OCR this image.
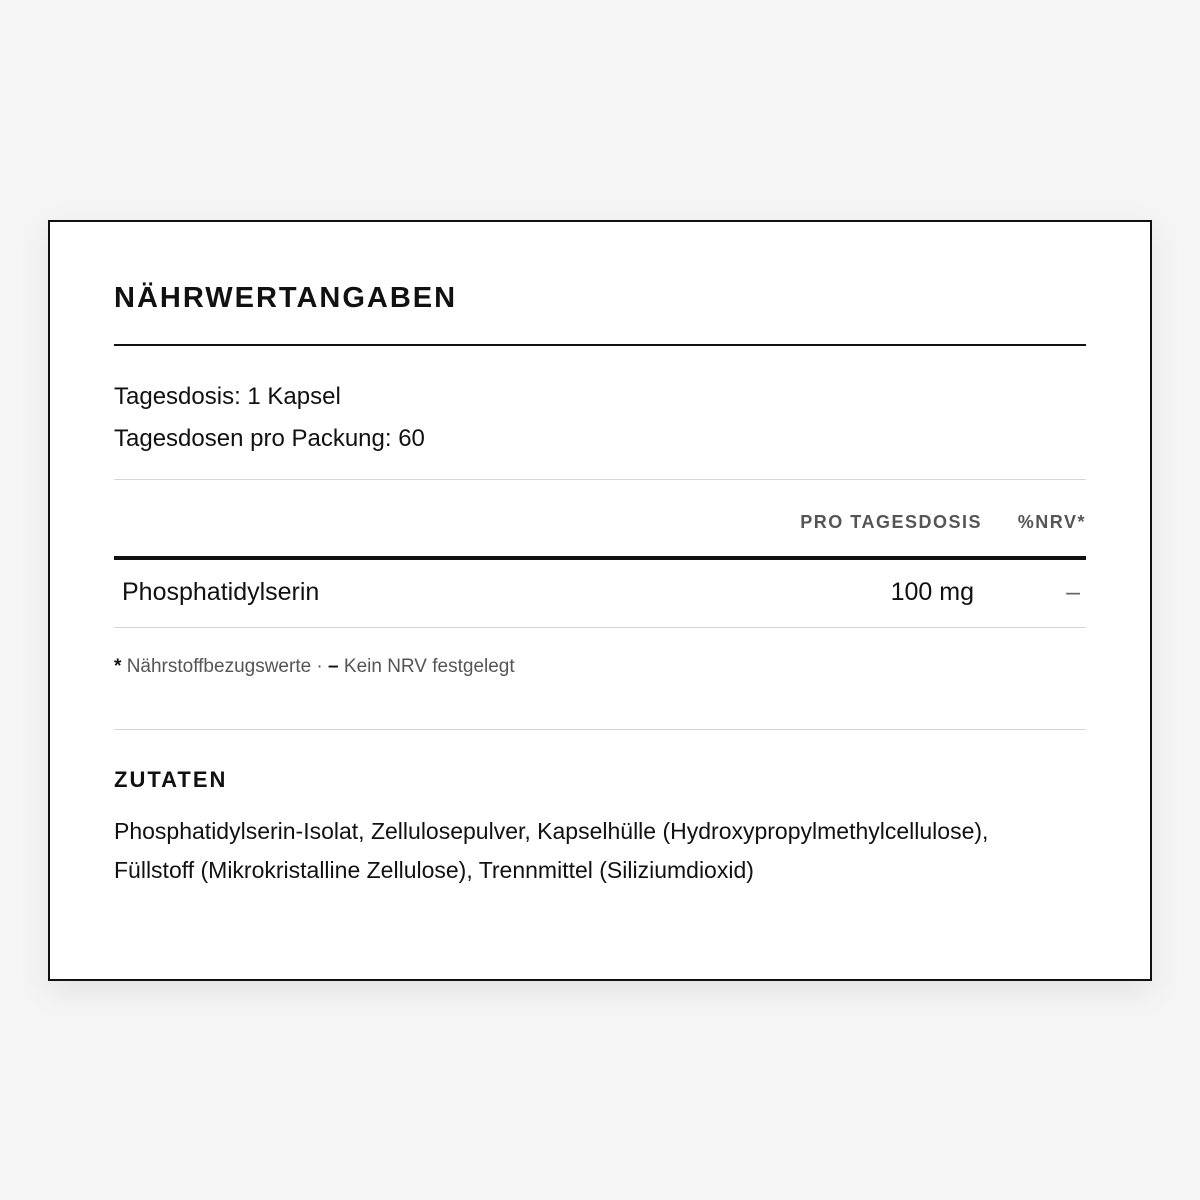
NÄHRWERTANGABEN
Tagesdosis: 1 Kapsel
Tagesdosen pro Packung: 60
PRO TAGESDOSIS %NRV*
Phosphatidylserin	100 mg	–
* Nährstoffbezugswerte · – Kein NRV festgelegt
ZUTATEN
Phosphatidylserin-Isolat, Zellulosepulver, Kapselhülle (Hydroxypropylmethylcellulose), Füllstoff (Mikrokristalline Zellulose), Trennmittel (Siliziumdioxid)
